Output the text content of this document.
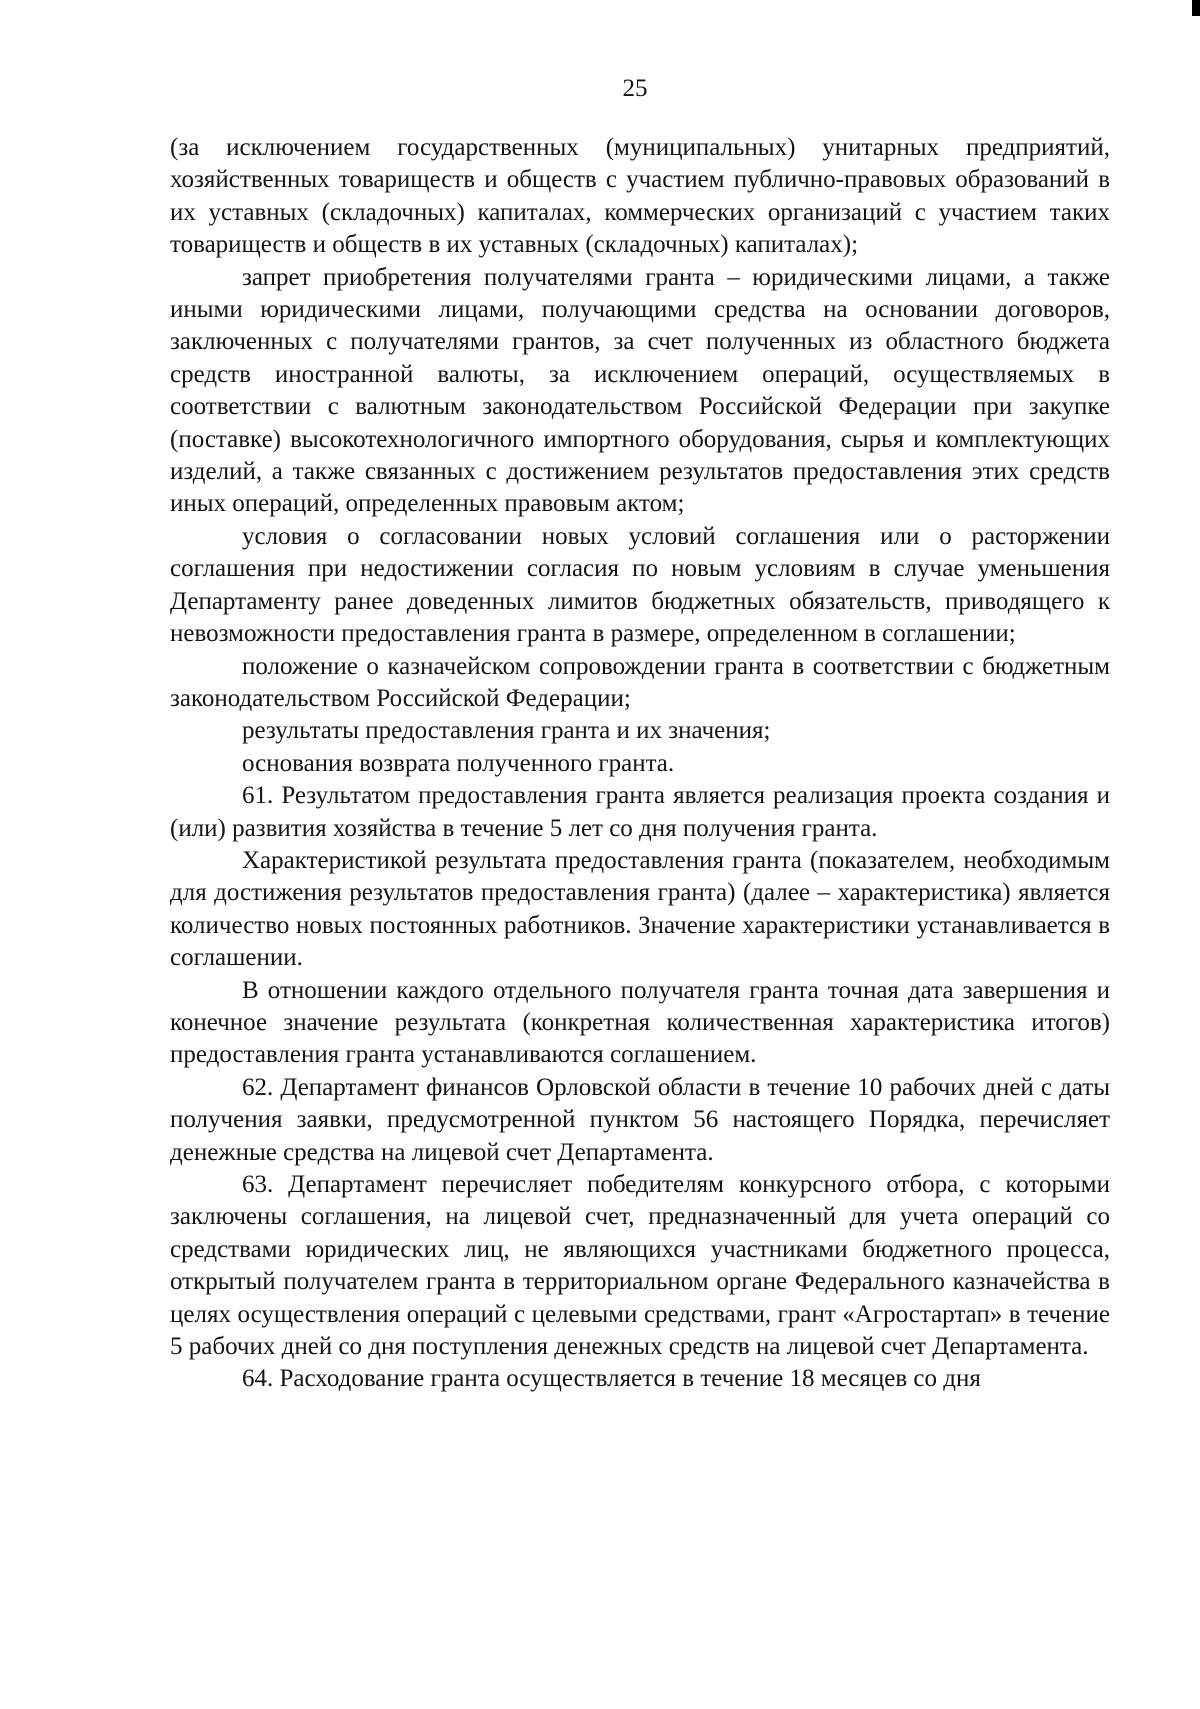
25

(за исключением государственных (муниципальных) унитарных предприятий, хозяйственных товариществ и обществ с участием публично-правовых образований в их уставных (складочных) капиталах, коммерческих организаций с участием таких товариществ и обществ в их уставных (складочных) капиталах);

запрет приобретения получателями гранта – юридическими лицами, а также иными юридическими лицами, получающими средства на основании договоров, заключенных с получателями грантов, за счет полученных из областного бюджета средств иностранной валюты, за исключением операций, осуществляемых в соответствии с валютным законодательством Российской Федерации при закупке (поставке) высокотехнологичного импортного оборудования, сырья и комплектующих изделий, а также связанных с достижением результатов предоставления этих средств иных операций, определенных правовым актом;

условия о согласовании новых условий соглашения или о расторжении соглашения при недостижении согласия по новым условиям в случае уменьшения Департаменту ранее доведенных лимитов бюджетных обязательств, приводящего к невозможности предоставления гранта в размере, определенном в соглашении;

положение о казначейском сопровождении гранта в соответствии с бюджетным законодательством Российской Федерации;

результаты предоставления гранта и их значения;

основания возврата полученного гранта.

61. Результатом предоставления гранта является реализация проекта создания и (или) развития хозяйства в течение 5 лет со дня получения гранта.

Характеристикой результата предоставления гранта (показателем, необходимым для достижения результатов предоставления гранта) (далее – характеристика) является количество новых постоянных работников. Значение характеристики устанавливается в соглашении.

В отношении каждого отдельного получателя гранта точная дата завершения и конечное значение результата (конкретная количественная характеристика итогов) предоставления гранта устанавливаются соглашением.

62. Департамент финансов Орловской области в течение 10 рабочих дней с даты получения заявки, предусмотренной пунктом 56 настоящего Порядка, перечисляет денежные средства на лицевой счет Департамента.

63. Департамент перечисляет победителям конкурсного отбора, с которыми заключены соглашения, на лицевой счет, предназначенный для учета операций со средствами юридических лиц, не являющихся участниками бюджетного процесса, открытый получателем гранта в территориальном органе Федерального казначейства в целях осуществления операций с целевыми средствами, грант «Агростартап» в течение 5 рабочих дней со дня поступления денежных средств на лицевой счет Департамента.

64. Расходование гранта осуществляется в течение 18 месяцев со дня
